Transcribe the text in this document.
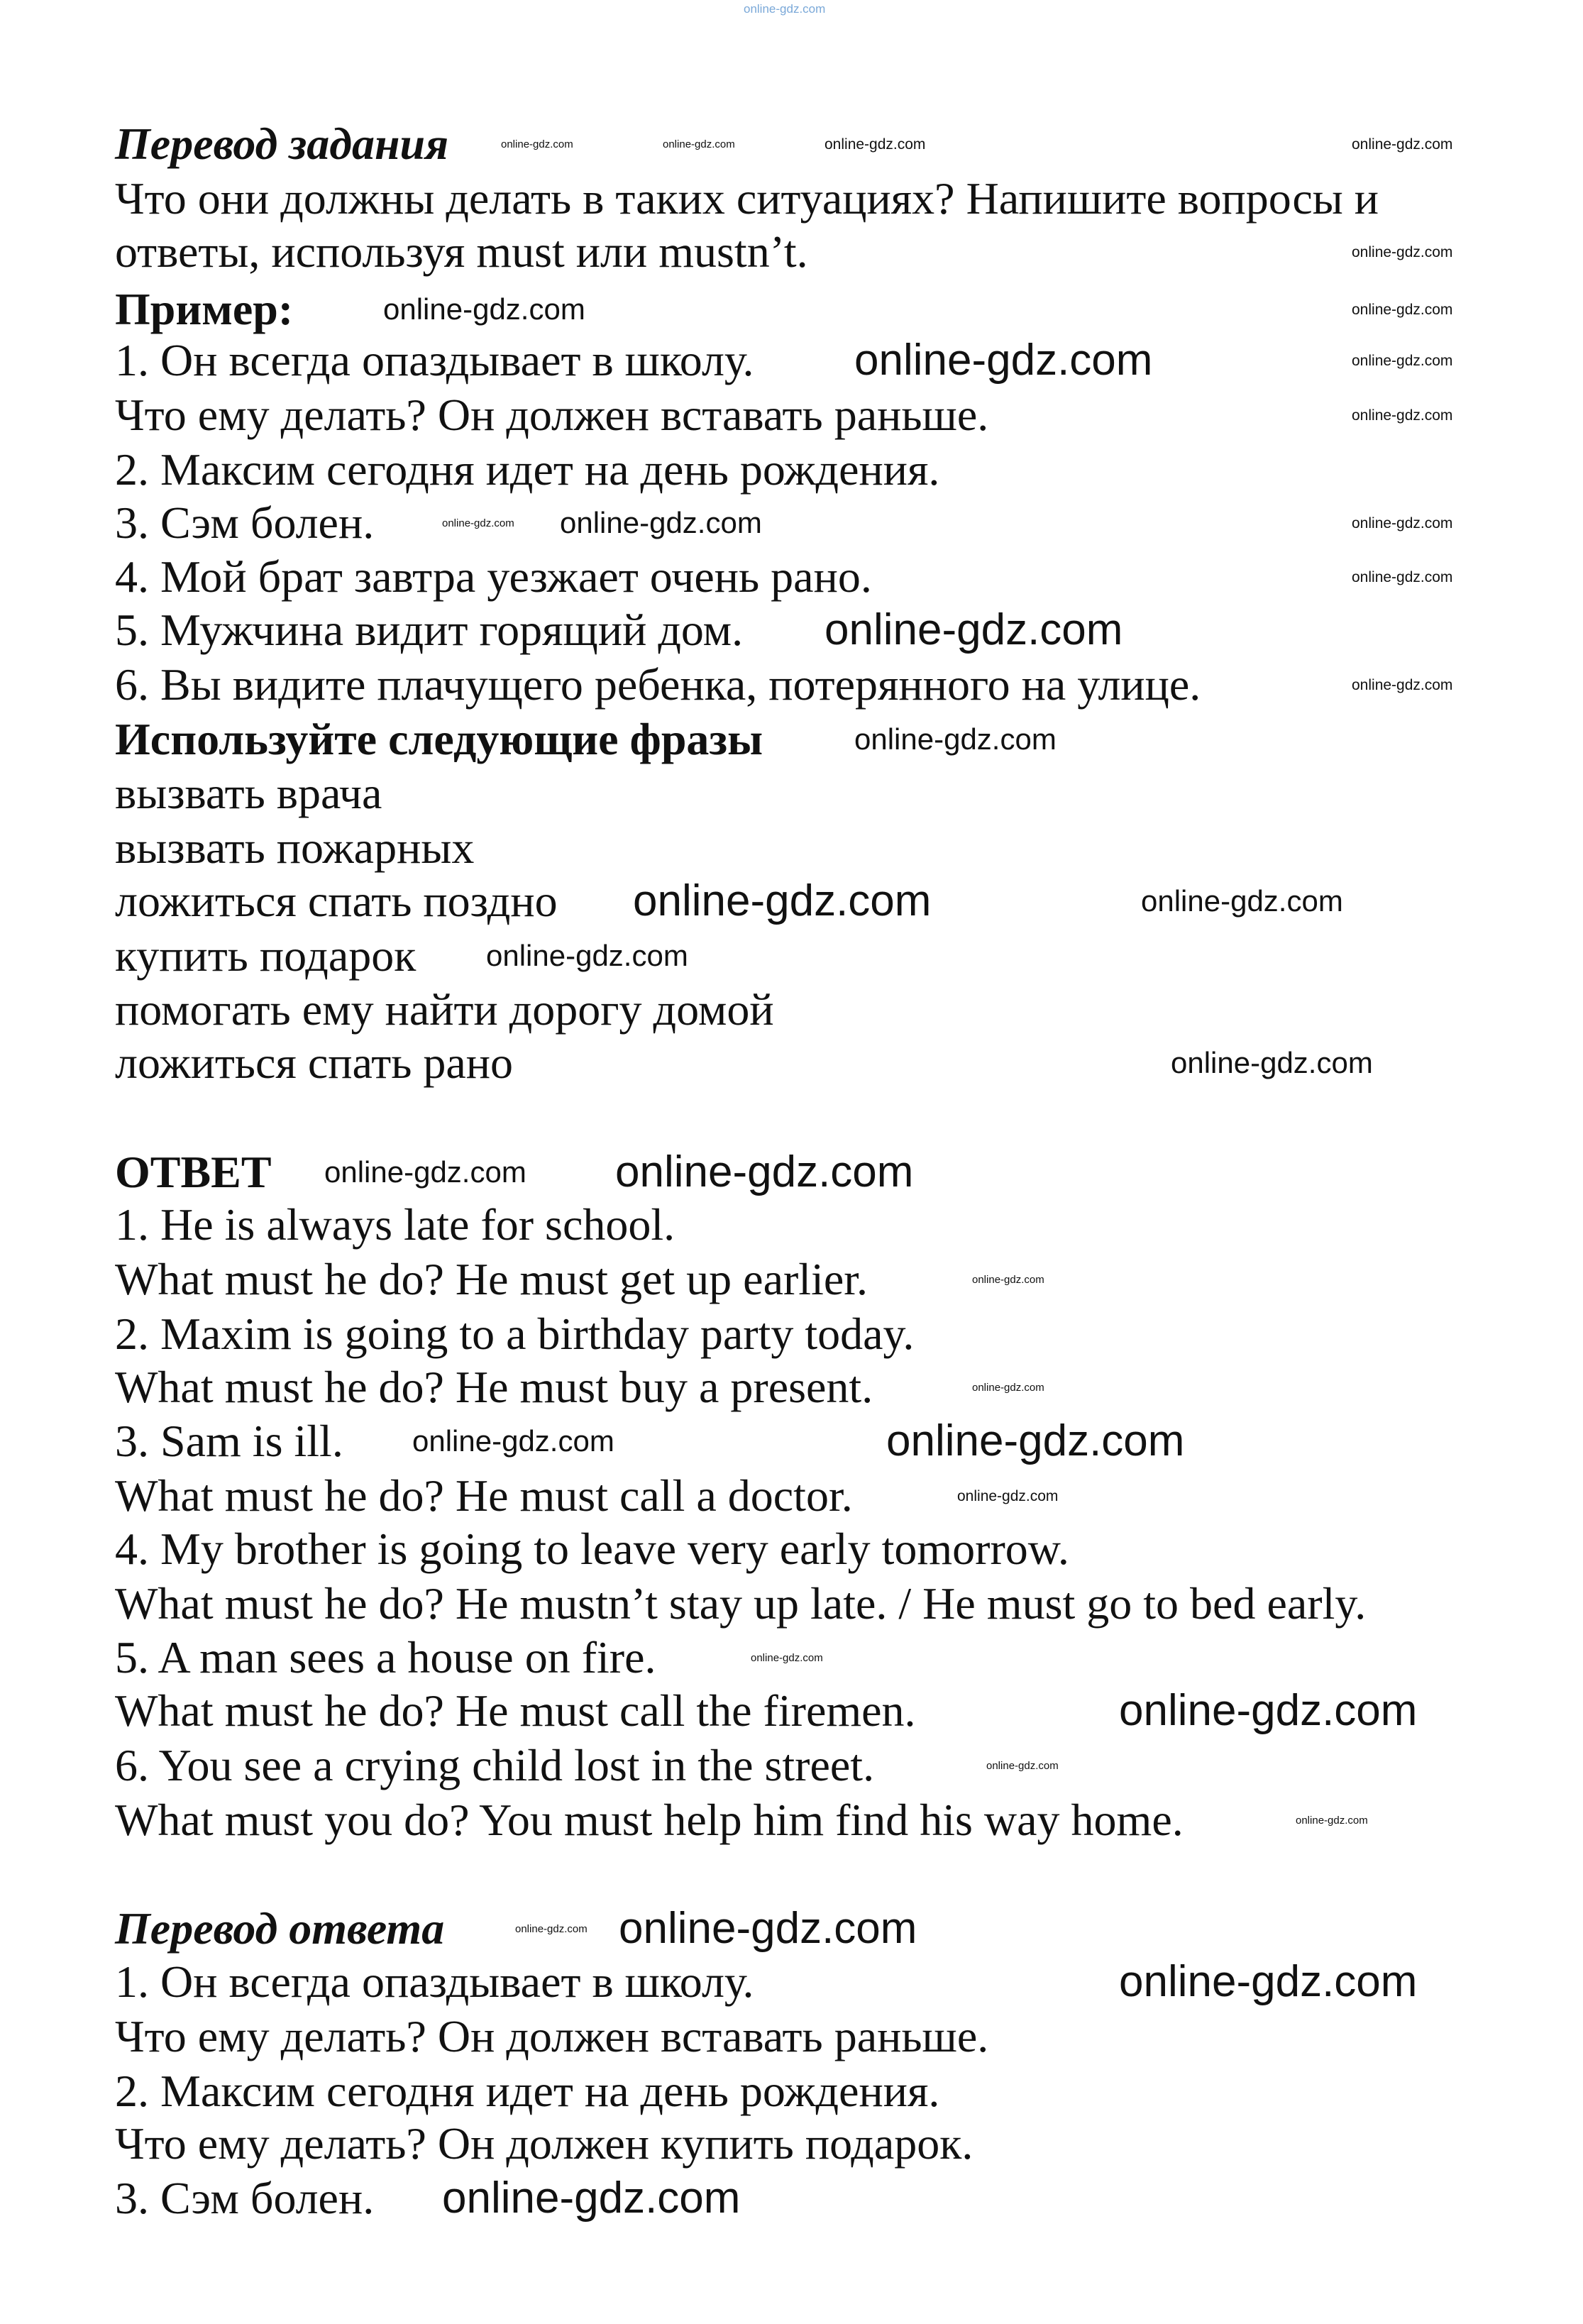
Перевод задания
Что они должны делать в таких ситуациях? Напишите вопросы и
ответы, используя must или mustn’t.
Пример:
1. Он всегда опаздывает в школу.
Что ему делать? Он должен вставать раньше.
2. Максим сегодня идет на день рождения.
3. Сэм болен.
4. Мой брат завтра уезжает очень рано.
5. Мужчина видит горящий дом.
6. Вы видите плачущего ребенка, потерянного на улице.
Используйте следующие фразы
вызвать врача
вызвать пожарных
ложиться спать поздно
купить подарок
помогать ему найти дорогу домой
ложиться спать рано
ОТВЕТ
1. He is always late for school.
What must he do? He must get up earlier.
2. Maxim is going to a birthday party today.
What must he do? He must buy a present.
3. Sam is ill.
What must he do? He must call a doctor.
4. My brother is going to leave very early tomorrow.
What must he do? He mustn’t stay up late. / He must go to bed early.
5. A man sees a house on fire.
What must he do? He must call the firemen.
6. You see a crying child lost in the street.
What must you do? You must help him find his way home.
Перевод ответа
1. Он всегда опаздывает в школу.
Что ему делать? Он должен вставать раньше.
2. Максим сегодня идет на день рождения.
Что ему делать? Он должен купить подарок.
3. Сэм болен.
online-gdz.com
online-gdz.com	online-gdz.com	online-gdz.com	online-gdz.com
online-gdz.com
online-gdz.com	online-gdz.com
online-gdz.com	online-gdz.com
online-gdz.com
online-gdz.com online-gdz.com	online-gdz.com
online-gdz.com
online-gdz.com
online-gdz.com
online-gdz.com
online-gdz.com	online-gdz.com
online-gdz.com
online-gdz.com
online-gdz.com online-gdz.com
online-gdz.com
online-gdz.com
online-gdz.com	online-gdz.com
online-gdz.com
online-gdz.com
online-gdz.com
online-gdz.com
online-gdz.com
online-gdz.com online-gdz.com
online-gdz.com
online-gdz.com
